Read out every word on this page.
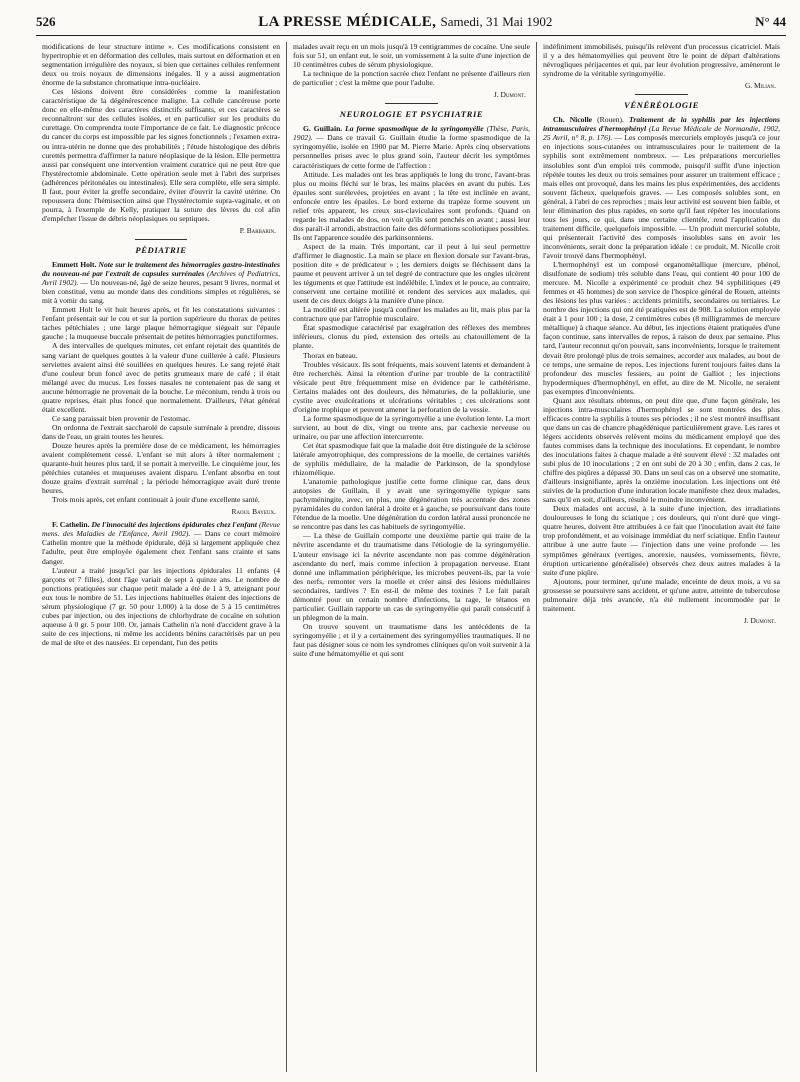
526	LA PRESSE MÉDICALE, Samedi, 31 Mai 1902	N° 44

modifications de leur structure intime ». Ces modifications consistent en hypertrophie et en déformation des cellules, mais surtout en déformation et en segmentation irrégulière des noyaux, si bien que certaines cellules renferment deux ou trois noyaux de dimensions inégales. Il y a aussi augmentation énorme de la substance chromatique intra-nucléaire.

Ces lésions doivent être considérées comme la manifestation caractéristique de la dégénérescence maligne. La cellule cancéreuse porte donc en elle-même des caractères distinctifs suffisants, et ces caractères se reconnaîtront sur des cellules isolées, et en particulier sur les produits du curettage. On comprendra toute l'importance de ce fait. Le diagnostic précoce du cancer du corps est impossible par les signes fonctionnels ; l'examen extra- ou intra-utérin ne donne que des probabilités ; l'étude histologique des débris curettés permettra d'affirmer la nature néoplasique de la lésion. Elle permettra aussi par conséquent une intervention vraiment curatrice qui ne peut être que l'hystérectomie abdominale. Cette opération seule met à l'abri des surprises (adhérences péritonéales ou intestinales). Elle sera complète, elle sera simple. Il faut, pour éviter la greffe secondaire, éviter d'ouvrir la cavité utérine. On repoussera donc l'hémisection ainsi que l'hystérectomie supra-vaginale, et on pourra, à l'exemple de Kelly, pratiquer la suture des lèvres du col afin d'empêcher l'issue de débris néoplasiques ou septiques.

P. Barbarin.
PÉDIATRIE

Emmett Holt. Note sur le traitement des hémorragies gastro-intestinales du nouveau-né par l'extrait de capsules surrénales (Archives of Pediatrics, Avril 1902). — Un nouveau-né, âgé de seize heures, pesant 9 livres, normal et bien constitué, venu au monde dans des conditions simples et régulières, se mit à vomir du sang.

Emmett Holt le vit huit heures après, et fit les constatations suivantes : l'enfant présentait sur le cou et sur la portion supérieure du thorax de petites taches pétéchiales ; une large plaque hémorragique siégeait sur l'épaule gauche ; la muqueuse buccale présentait de petites hémorragies punctiformes.

A des intervalles de quelques minutes, cet enfant rejetait des quantités de sang variant de quelques gouttes à la valeur d'une cuillerée à café. Plusieurs serviettes avaient ainsi été souillées en quelques heures. Le sang rejeté était d'une couleur brun foncé avec de petits grumeaux mare de café ; il était mélangé avec du mucus. Les fosses nasales ne contenaient pas de sang et aucune hémorragie ne provenait de la bouche. Le méconium, rendu à trois ou quatre reprises, était plus foncé que normalement. D'ailleurs, l'état général était excellent.

Ce sang paraissait bien provenir de l'estomac.

On ordonna de l'extrait saccharolé de capsule surrénale à prendre, dissous dans de l'eau, un grain toutes les heures.

Douze heures après la première dose de ce médicament, les hémorragies avaient complètement cessé. L'enfant se mit alors à têter normalement ; quarante-huit heures plus tard, il se portait à merveille. Le cinquième jour, les pétéchies cutanées et muqueuses avaient disparu. L'enfant absorba en tout douze grains d'extrait surrénal ; la période hémorragique avait duré trente heures.

Trois mois après, cet enfant continuait à jouir d'une excellente santé.

Raoul Bayeux.

F. Cathelin. De l'innocuité des injections épidurales chez l'enfant (Revue mens. des Maladies de l'Enfance, Avril 1902). — Dans ce court mémoire Cathelin montre que la méthode épidurale, déjà si largement appliquée chez l'adulte, peut être employée également chez l'enfant sans crainte et sans danger.

L'auteur a traité jusqu'ici par les injections épidurales 11 enfants (4 garçons et 7 filles), dont l'âge variait de sept à quinze ans. Le nombre de ponctions pratiquées sur chaque petit malade a été de 1 à 9, atteignant pour eux tous le nombre de 51. Les injections habituelles étaient des injections de sérum physiologique (7 gr. 50 pour 1.000) à la dose de 5 à 15 centimètres cubes par injection, ou des injections de chlorhydrate de cocaïne en solution aqueuse à 0 gr. 5 pour 100. Or, jamais Cathelin n'a noté d'accident grave à la suite de ces injections, ni même les accidents bénins caractérisés par un peu de mal de tête et des nausées. Et cependant, l'un des petits

malades avait reçu en un mois jusqu'à 19 centigrammes de cocaïne. Une seule fois sur 51, un enfant eut, le soir, un vomissement à la suite d'une injection de 10 centimètres cubes de sérum physiologique.

La technique de la ponction sacrée chez l'enfant ne présente d'ailleurs rien de particulier ; c'est la même que pour l'adulte.

J. Dumont.
NEUROLOGIE ET PSYCHIATRIE

G. Guillain. La forme spasmodique de la syringomyélie (Thèse, Paris, 1902). — Dans ce travail G. Guillain étudie la forme spasmodique de la syringomyélie, isolée en 1900 par M. Pierre Marie. Après cinq observations personnelles prises avec le plus grand soin, l'auteur décrit les symptômes caractéristiques de cette forme de l'affection :

Attitude. Les malades ont les bras appliqués le long du tronc, l'avant-bras plus ou moins fléchi sur le bras, les mains placées en avant du pubis. Les épaules sont surélevées, projetées en avant ; la tête est inclinée en avant, enfoncée entre les épaules. Le bord externe du trapèze forme souvent un relief très apparent, les creux sus-claviculaires sont profonds. Quand on regarde les malades de dos, on voit qu'ils sont penchés en avant ; aussi leur dos paraît-il arrondi, abstraction faite des déformations scoliotiques possibles. Ils ont l'apparence soudée des parkinsonniens.

Aspect de la main. Très important, car il peut à lui seul permettre d'affirmer le diagnostic. La main se place en flexion dorsale sur l'avant-bras, position dite « de prédicateur » ; les derniers doigts se fléchissent dans la paume et peuvent arriver à un tel degré de contracture que les ongles ulcèrent les téguments et que l'attitude est indélébile. L'index et le pouce, au contraire, conservent une certaine motilité et rendent des services aux malades, qui usent de ces deux doigts à la manière d'une pince.

La motilité est altérée jusqu'à confiner les malades au lit, mais plus par la contracture que par l'atrophie musculaire.

État spasmodique caractérisé par exagération des réflexes des membres inférieurs, clonus du pied, extension des orteils au chatouillement de la plante.

Thorax en bateau.

Troubles vésicaux. Ils sont fréquents, mais souvent latents et demandent à être recherchés. Ainsi la rétention d'urine par trouble de la contractilité vésicale peut être fréquemment mise en évidence par le cathétérisme. Certains malades ont des douleurs, des hématuries, de la pollakiurie, une cystite avec exulcérations et ulcérations véritables ; ces ulcérations sont d'origine trophique et peuvent amener la perforation de la vessie.

La forme spasmodique de la syringomyélie a une évolution lente. La mort survient, au bout de dix, vingt ou trente ans, par cachexie nerveuse ou urinaire, ou par une affection intercurrente.

Cet état spasmodique fait que la maladie doit être distinguée de la sclérose latérale amyotrophique, des compressions de la moelle, de certaines variétés de syphilis médullaire, de la maladie de Parkinson, de la spondylose rhizomélique.

L'anatomie pathologique justifie cette forme clinique car, dans deux autopsies de Guillain, il y avait une syringomyélie typique sans pachyméningite, avec, en plus, une dégénération très accentuée des zones pyramidales du cordon latéral à droite et à gauche, se poursuivant dans toute l'étendue de la moelle. Une dégénération du cordon latéral aussi prononcée ne se rencontre pas dans les cas habituels de syringomyélie.

— La thèse de Guillain comporte une deuxième partie qui traite de la névrite ascendante et du traumatisme dans l'étiologie de la syringomyélie. L'auteur envisage ici la névrite ascendante non pas comme dégénération ascendante du nerf, mais comme infection à propagation nerveuse. Etant donné une inflammation périphérique, les microbes peuvent-ils, par la voie des nerfs, remonter vers la moelle et créer ainsi des lésions médullaires secondaires, tardives ? En est-il de même des toxines ? Le fait paraît démontré pour un certain nombre d'infections, la rage, le tétanos en particulier. Guillain rapporte un cas de syringomyélie qui paraît consécutif à un phlegmon de la main.

On trouve souvent un traumatisme dans les antécédents de la syringomyélie ; et il y a certainement des syringomyélies traumatiques. Il ne faut pas désigner sous ce nom les syndromes cliniques qu'on voit survenir à la suite d'une hématomyélie et qui sont

indéfiniment immobilisés, puisqu'ils relèvent d'un processus cicatriciel. Mais il y a des hématomyélies qui peuvent être le point de départ d'altérations névrogliques périjacentes et qui, par leur évolution progressive, amèneront le syndrome de la véritable syringomyélie.

G. Milian.
VÉNÉRÉOLOGIE

Ch. Nicolle (Rouen). Traitement de la syphilis par les injections intramusculaires d'hermophényl (La Revue Médicale de Normandie, 1902, 25 Avril, n° 8, p. 176). — Les composés mercuriels employés jusqu'à ce jour en injections sous-cutanées ou intramusculaires pour le traitement de la syphilis sont extrêmement nombreux. — Les préparations mercurielles insolubles sont d'un emploi très commode, puisqu'il suffit d'une injection répétée toutes les deux ou trois semaines pour assurer un traitement efficace ; mais elles ont provoqué, dans les mains les plus expérimentées, des accidents souvent fâcheux, quelquefois graves. — Les composés solubles sont, en général, à l'abri de ces reproches ; mais leur activité est souvent bien faible, et leur élimination des plus rapides, en sorte qu'il faut répéter les inoculations tous les jours, ce qui, dans une certaine clientèle, rend l'application du traitement difficile, quelquefois impossible. — Un produit mercuriel soluble, qui présenterait l'activité des composés insolubles sans en avoir les inconvénients, serait donc la préparation idéale : ce produit, M. Nicolle croit l'avoir trouvé dans l'hermophényl.

L'hermophényl est un composé organométallique (mercure, phénol, disulfonate de sodium) très soluble dans l'eau, qui contient 40 pour 100 de mercure. M. Nicolle a expérimenté ce produit chez 94 syphilitiques (49 femmes et 45 hommes) de son service de l'hospice général de Rouen, atteints des lésions les plus variées : accidents primitifs, secondaires ou tertiaires. Le nombre des injections qui ont été pratiquées est de 908. La solution employée était à 1 pour 100 ; la dose, 2 centimètres cubes (8 milligrammes de mercure métallique) à chaque séance. Au début, les injections étaient pratiquées d'une façon continue, sans intervalles de repos, à raison de deux par semaine. Plus tard, l'auteur reconnut qu'on pouvait, sans inconvénients, lorsque le traitement devait être prolongé plus de trois semaines, accorder aux malades, au bout de ce temps, une semaine de repos. Les injections furent toujours faites dans la profondeur des muscles fessiers, au point de Galliot ; les injections hypodermiques d'hermophényl, en effet, au dire de M. Nicolle, ne seraient pas exemptes d'inconvénients.

Quant aux résultats obtenus, on peut dire que, d'une façon générale, les injections intra-musculaires d'hermophényl se sont montrées des plus efficaces contre la syphilis à toutes ses périodes ; il ne s'est montré insuffisant que dans un cas de chancre phagédénique particulièrement grave. Les rares et légers accidents observés relèvent moins du médicament employé que des fautes commises dans la technique des inoculations. Et cependant, le nombre des inoculations faites à chaque malade a été souvent élevé : 32 malades ont subi plus de 10 inoculations ; 2 en ont subi de 20 à 30 ; enfin, dans 2 cas, le chiffre des piqûres a dépassé 30. Dans un seul cas on a observé une stomatite, d'ailleurs insignifiante, après la onzième inoculation. Les injections ont été suivies de la production d'une induration locale manifeste chez deux malades, sans qu'il en soit, d'ailleurs, résulté le moindre inconvénient.

Deux malades ont accusé, à la suite d'une injection, des irradiations douloureuses le long du sciatique ; ces douleurs, qui n'ont duré que vingt-quatre heures, doivent être attribuées à ce fait que l'inoculation avait été faite trop profondément, et au voisinage immédiat du nerf sciatique. Enfin l'auteur attribue à une autre faute — l'injection dans une veine profonde — les symptômes généraux (vertiges, anorexie, nausées, vomissements, fièvre, éruption urticarienne généralisée) observés chez deux autres malades à la suite d'une piqûre.

Ajoutons, pour terminer, qu'une malade, enceinte de deux mois, a vu sa grossesse se poursuivre sans accident, et qu'une autre, atteinte de tuberculose pulmonaire déjà très avancée, n'a été nullement incommodée par le traitement.

J. Dumont.
